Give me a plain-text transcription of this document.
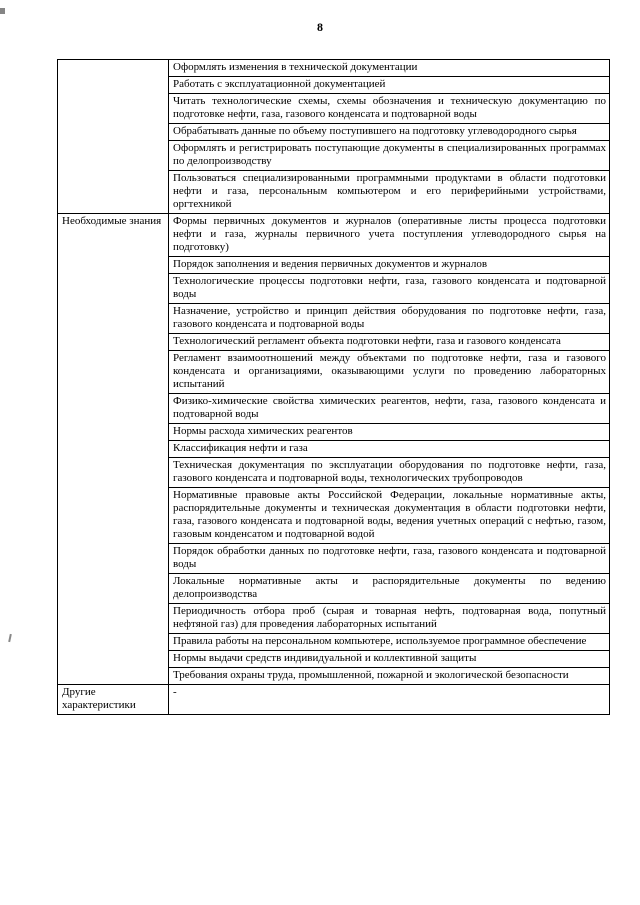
8
	Оформлять изменения в технической документации
	Работать с эксплуатационной документацией
	Читать технологические схемы, схемы обозначения и техническую документацию по подготовке нефти, газа, газового конденсата и подтоварной воды
	Обрабатывать данные по объему поступившего на подготовку углеводородного сырья
	Оформлять и регистрировать поступающие документы в специализированных программах по делопроизводству
	Пользоваться специализированными программными продуктами в области подготовки нефти и газа, персональным компьютером и его периферийными устройствами, оргтехникой
Необходимые знания	Формы первичных документов и журналов (оперативные листы процесса подготовки нефти и газа, журналы первичного учета поступления углеводородного сырья на подготовку)
	Порядок заполнения и ведения первичных документов и журналов
	Технологические процессы подготовки нефти, газа, газового конденсата и подтоварной воды
	Назначение, устройство и принцип действия оборудования по подготовке нефти, газа, газового конденсата и подтоварной воды
	Технологический регламент объекта подготовки нефти, газа и газового конденсата
	Регламент взаимоотношений между объектами по подготовке нефти, газа и газового конденсата и организациями, оказывающими услуги по проведению лабораторных испытаний
	Физико-химические свойства химических реагентов, нефти, газа, газового конденсата и подтоварной воды
	Нормы расхода химических реагентов
	Классификация нефти и газа
	Техническая документация по эксплуатации оборудования по подготовке нефти, газа, газового конденсата и подтоварной воды, технологических трубопроводов
	Нормативные правовые акты Российской Федерации, локальные нормативные акты, распорядительные документы и техническая документация в области подготовки нефти, газа, газового конденсата и подтоварной воды, ведения учетных операций с нефтью, газом, газовым конденсатом и подтоварной водой
	Порядок обработки данных по подготовке нефти, газа, газового конденсата и подтоварной воды
	Локальные нормативные акты и распорядительные документы по ведению делопроизводства
	Периодичность отбора проб (сырая и товарная нефть, подтоварная вода, попутный нефтяной газ) для проведения лабораторных испытаний
	Правила работы на персональном компьютере, используемое программное обеспечение
	Нормы выдачи средств индивидуальной и коллективной защиты
	Требования охраны труда, промышленной, пожарной и экологической безопасности
Другие характеристики	-
